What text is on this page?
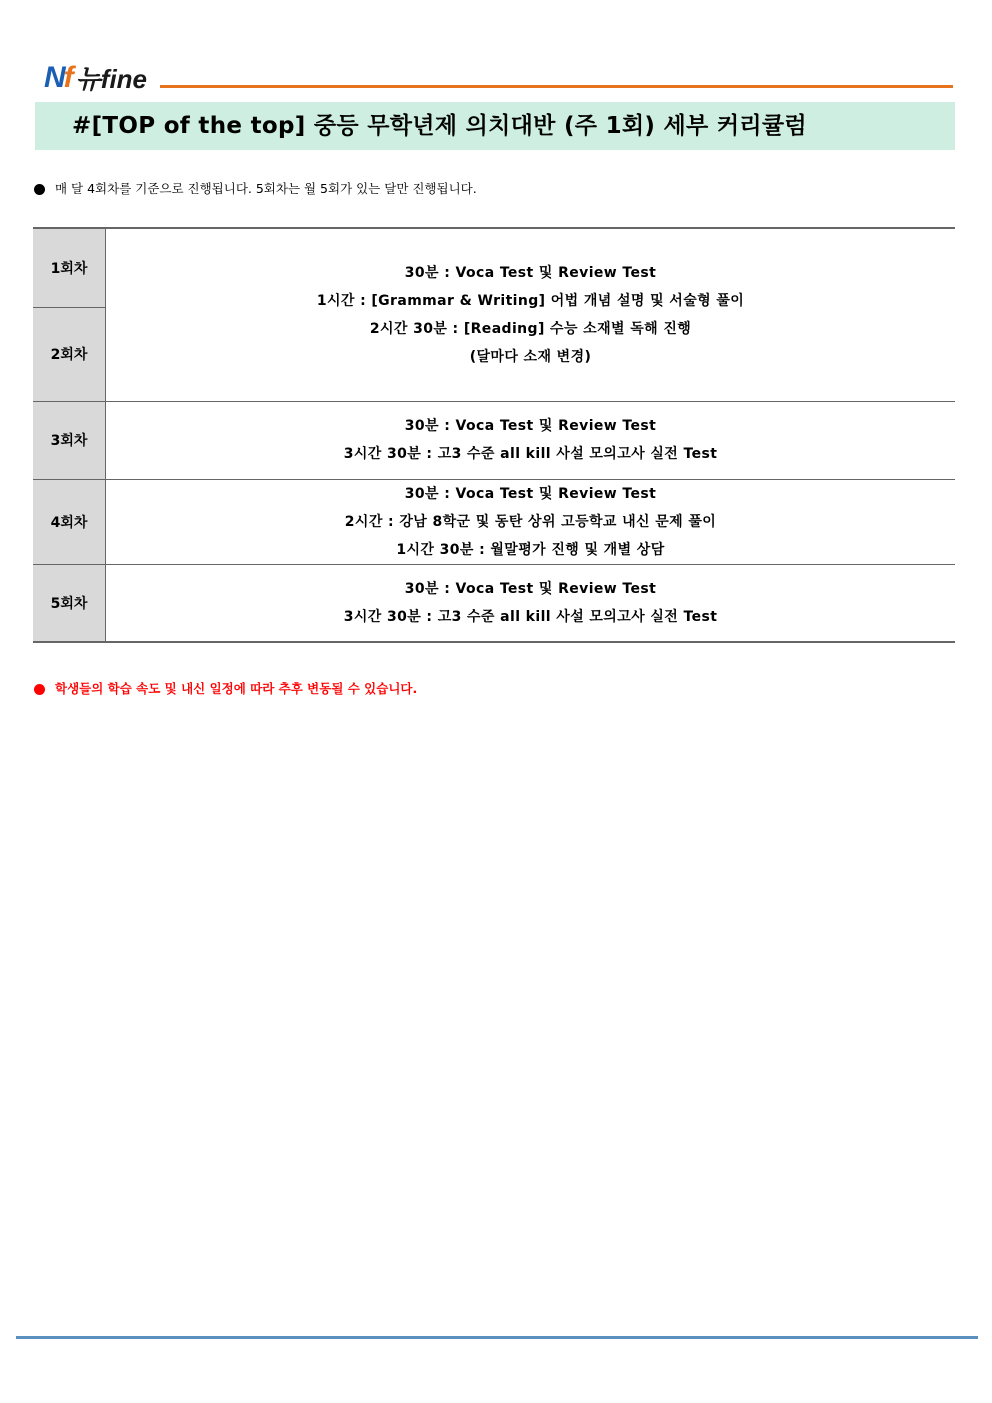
Nf 뉴fine
#[TOP of the top] 중등 무학년제 의치대반 (주 1회) 세부 커리큘럼
매 달 4회차를 기준으로 진행됩니다. 5회차는 월 5회가 있는 달만 진행됩니다.
1회차	30분 : Voca Test 및 Review Test
1시간 : [Grammar & Writing] 어법 개념 설명 및 서술형 풀이
2시간 30분 : [Reading] 수능 소재별 독해 진행
(달마다 소재 변경)

2회차	
3회차	30분 : Voca Test 및 Review Test
3시간 30분 : 고3 수준 all kill 사설 모의고사 실전 Test

4회차	30분 : Voca Test 및 Review Test
2시간 : 강남 8학군 및 동탄 상위 고등학교 내신 문제 풀이
1시간 30분 : 월말평가 진행 및 개별 상담

5회차	30분 : Voca Test 및 Review Test
3시간 30분 : 고3 수준 all kill 사설 모의고사 실전 Test
학생들의 학습 속도 및 내신 일정에 따라 추후 변동될 수 있습니다.
